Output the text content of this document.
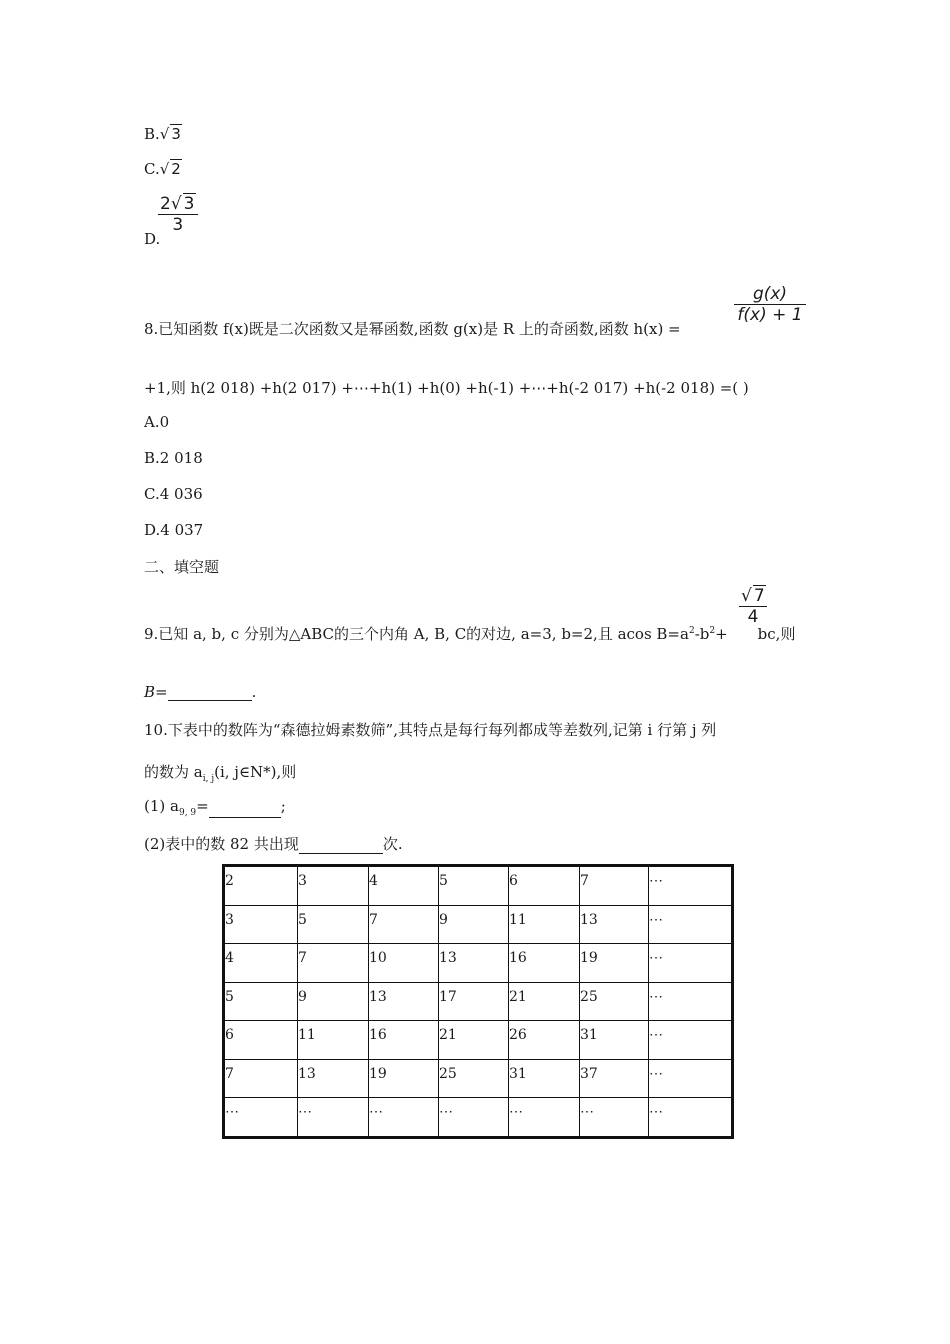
B.√ 3
C.√ 2
D.
2√ 3
3
8.已知函数 f(x)既是二次函数又是幂函数,函数 g(x)是 R 上的奇函数,函数 h(x) =
g(x)
f(x) + 1
+1,则 h(2 018) +h(2 017) +⋯+h(1) +h(0) +h(-1) +⋯+h(-2 017) +h(-2 018) =( )
A.0
B.2 018
C.4 036
D.4 037
二、填空题
9.已知 a, b, c 分别为△ABC的三个内角 A, B, C的对边, a=3, b=2,且 acos $B=a^2-b^2+$ bc,则
√ 7
4
B=	.
10.下表中的数阵为“森德拉姆素数筛”,其特点是每行每列都成等差数列,记第 i 行第 j 列
的数为 $a_{i, j}(i$, j∈N*),则
(1) $a_{9, 9}=$	;
(2)表中的数 82 共出现	次.
2	3	4	5	6	7	⋯
3	5	7	9	11	13	⋯
4	7	10	13	16	19	⋯
5	9	13	17	21	25	⋯
6	11	16	21	26	31	⋯
7	13	19	25	31	37	⋯
⋯	⋯	⋯	⋯	⋯	⋯	⋯
